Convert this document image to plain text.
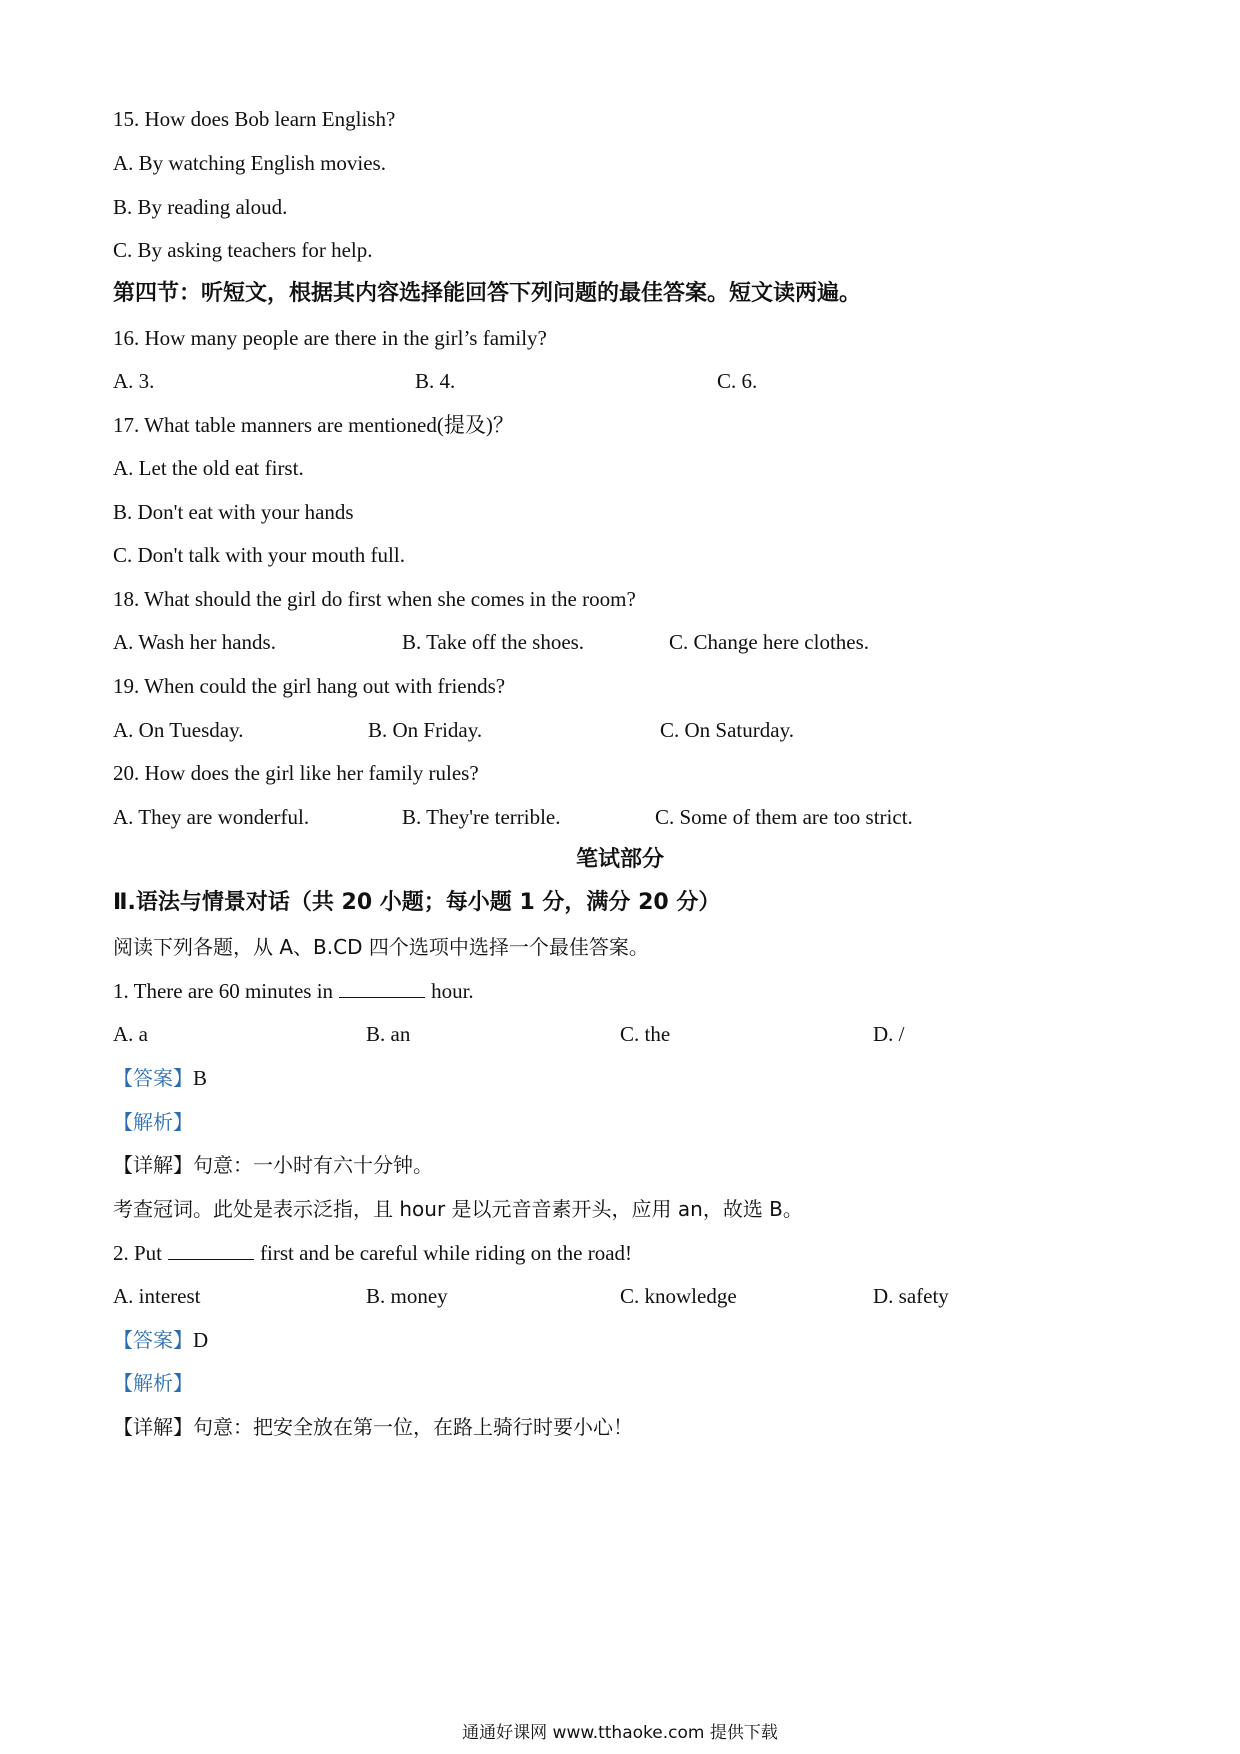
15. How does Bob learn English?
A. By watching English movies.
B. By reading aloud.
C. By asking teachers for help.
第四节：听短文，根据其内容选择能回答下列问题的最佳答案。短文读两遍。
16. How many people are there in the girl’s family?
A. 3.	B. 4.	C. 6.
17. What table manners are mentioned(提及)？
A. Let the old eat first.
B. Don't eat with your hands
C. Don't talk with your mouth full.
18. What should the girl do first when she comes in the room?
A. Wash her hands.	B. Take off the shoes.	C. Change here clothes.
19. When could the girl hang out with friends?
A. On Tuesday.	B. On Friday.	C. On Saturday.
20. How does the girl like her family rules?
A. They are wonderful.	B. They're terrible.	C. Some of them are too strict.
笔试部分
Ⅱ.语法与情景对话（共 20 小题；每小题 1 分，满分 20 分）
阅读下列各题，从 A、B.CD 四个选项中选择一个最佳答案。
1. There are 60 minutes in	hour.
A. a	B. an	C. the	D. /
【答案】B
【解析】
【详解】句意：一小时有六十分钟。
考查冠词。此处是表示泛指，且 hour 是以元音音素开头，应用 an，故选 B。
2. Put	first and be careful while riding on the road!
A. interest	B. money	C. knowledge	D. safety
【答案】D
【解析】
【详解】句意：把安全放在第一位，在路上骑行时要小心！
通通好课网 www.tthaoke.com 提供下载
